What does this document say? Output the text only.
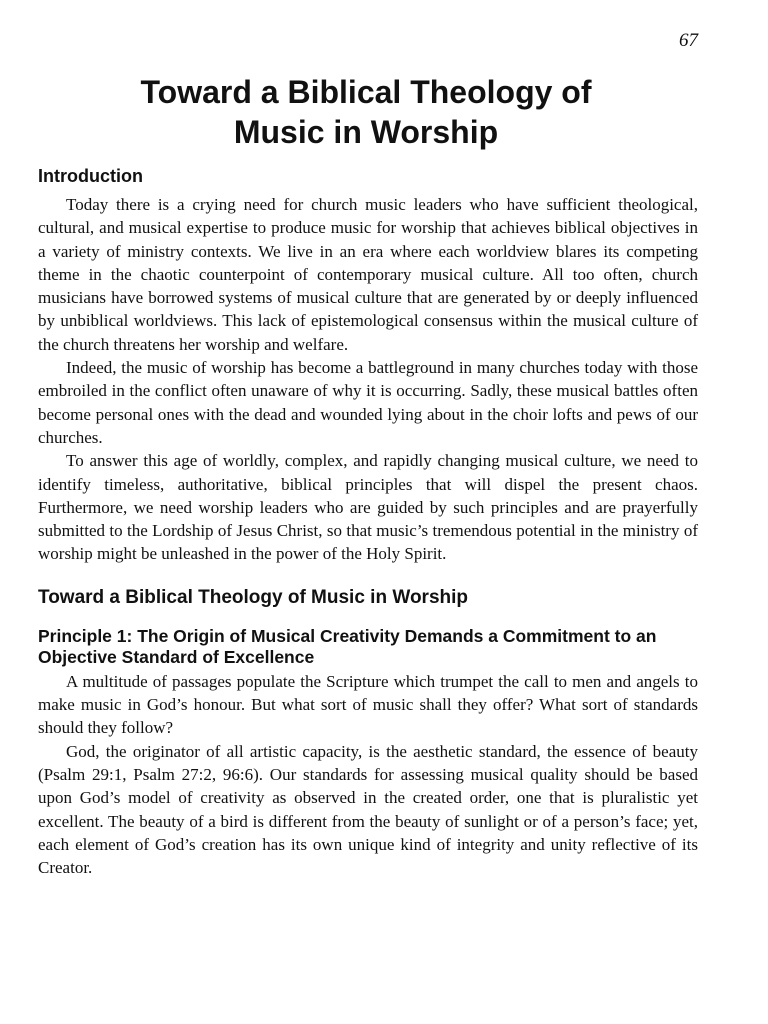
67
Toward a Biblical Theology of
Music in Worship
Introduction

Today there is a crying need for church music leaders who have sufficient theological, cultural, and musical expertise to produce music for worship that achieves biblical objectives in a variety of ministry contexts. We live in an era where each worldview blares its competing theme in the chaotic counterpoint of contemporary musical culture. All too often, church musicians have borrowed systems of musical culture that are generated by or deeply influenced by unbiblical worldviews. This lack of epistemological consensus within the musical culture of the church threatens her worship and welfare.

Indeed, the music of worship has become a battleground in many churches today with those embroiled in the conflict often unaware of why it is occurring. Sadly, these musical battles often become personal ones with the dead and wounded lying about in the choir lofts and pews of our churches.

To answer this age of worldly, complex, and rapidly changing musical culture, we need to identify timeless, authoritative, biblical principles that will dispel the present chaos. Furthermore, we need worship leaders who are guided by such principles and are prayerfully submitted to the Lordship of Jesus Christ, so that music’s tremendous potential in the ministry of worship might be unleashed in the power of the Holy Spirit.

Toward a Biblical Theology of Music in Worship
Principle 1: The Origin of Musical Creativity Demands a Commitment to an Objective Standard of Excellence

A multitude of passages populate the Scripture which trumpet the call to men and angels to make music in God’s honour. But what sort of music shall they offer? What sort of standards should they follow?

God, the originator of all artistic capacity, is the aesthetic standard, the essence of beauty (Psalm 29:1, Psalm 27:2, 96:6). Our standards for assessing musical quality should be based upon God’s model of creativity as observed in the created order, one that is pluralistic yet excellent. The beauty of a bird is different from the beauty of sunlight or of a person’s face; yet, each element of God’s creation has its own unique kind of integrity and unity reflective of its Creator.
